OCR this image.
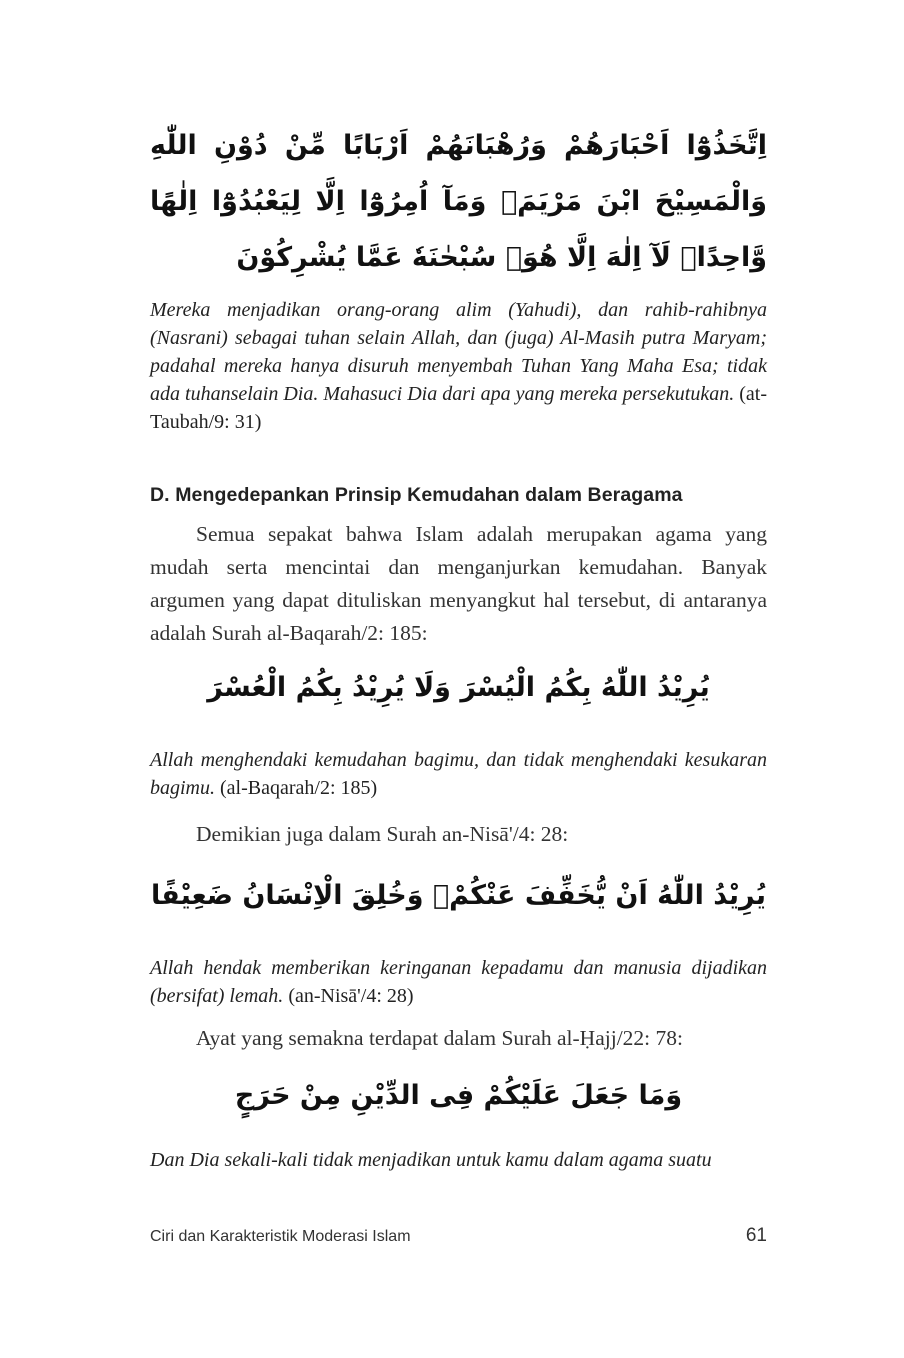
اِتَّخَذُوْٓا اَحْبَارَهُمْ وَرُهْبَانَهُمْ اَرْبَابًا مِّنْ دُوْنِ اللّٰهِ وَالْمَسِيْحَ ابْنَ مَرْيَمَۚ وَمَآ اُمِرُوْٓا اِلَّا لِيَعْبُدُوْٓا اِلٰهًا وَّاحِدًاۚ لَآ اِلٰهَ اِلَّا هُوَۗ سُبْحٰنَهٗ عَمَّا يُشْرِكُوْنَ

Mereka menjadikan orang-orang alim (Yahudi), dan rahib-rahibnya (Nasrani) sebagai tuhan selain Allah, dan (juga) Al-Masih putra Maryam; padahal mereka hanya disuruh menyembah Tuhan Yang Maha Esa; tidak ada tuhanselain Dia. Mahasuci Dia dari apa yang mereka persekutukan. (at-Taubah/9: 31)

D. Mengedepankan Prinsip Kemudahan dalam Beragama

Semua sepakat bahwa Islam adalah merupakan agama yang mudah serta mencintai dan menganjurkan kemudahan. Banyak argumen yang dapat dituliskan menyangkut hal tersebut, di antaranya adalah Surah al-Baqarah/2: 185:

يُرِيْدُ اللّٰهُ بِكُمُ الْيُسْرَ وَلَا يُرِيْدُ بِكُمُ الْعُسْرَ

Allah menghendaki kemudahan bagimu, dan tidak menghendaki kesukaran bagimu. (al-Baqarah/2: 185)

Demikian juga dalam Surah an-Nisā'/4: 28:
يُرِيْدُ اللّٰهُ اَنْ يُّخَفِّفَ عَنْكُمْۚ وَخُلِقَ الْاِنْسَانُ ضَعِيْفًا

Allah hendak memberikan keringanan kepadamu dan manusia dijadikan (bersifat) lemah. (an-Nisā'/4: 28)

Ayat yang semakna terdapat dalam Surah al-Ḥajj/22: 78:
وَمَا جَعَلَ عَلَيْكُمْ فِى الدِّيْنِ مِنْ حَرَجٍ

Dan Dia sekali-kali tidak menjadikan untuk kamu dalam agama suatu

Ciri dan Karakteristik Moderasi Islam	61
